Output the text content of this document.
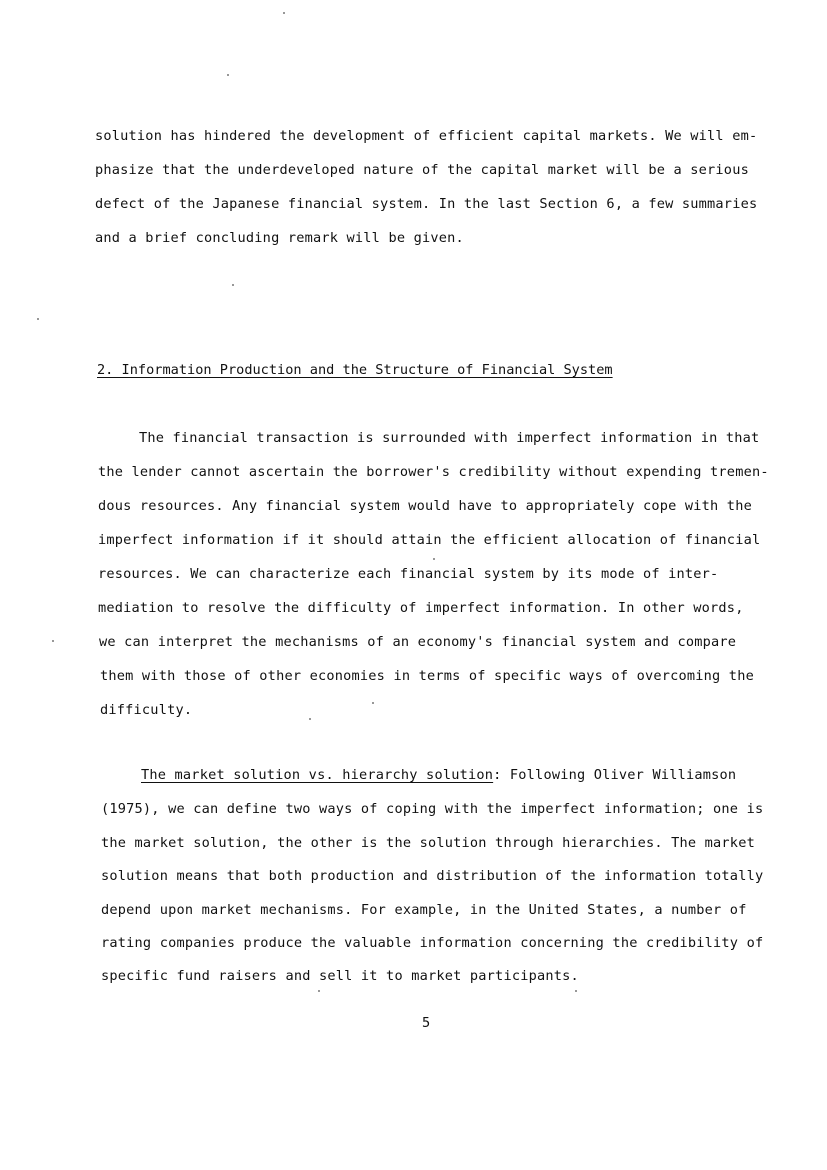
solution has hindered the development of efficient capital markets. We will em-
phasize that the underdeveloped nature of the capital market will be a serious
defect of the Japanese financial system. In the last Section 6, a few summaries
and a brief concluding remark will be given.
2. Information Production and the Structure of Financial System
The financial transaction is surrounded with imperfect information in that
the lender cannot ascertain the borrower's credibility without expending tremen-
dous resources. Any financial system would have to appropriately cope with the
imperfect information if it should attain the efficient allocation of financial
resources. We can characterize each financial system by its mode of inter-
mediation to resolve the difficulty of imperfect information. In other words,
we can interpret the mechanisms of an economy's financial system and compare
them with those of other economies in terms of specific ways of overcoming the
difficulty.
The market solution vs. hierarchy solution: Following Oliver Williamson
(1975), we can define two ways of coping with the imperfect information; one is
the market solution, the other is the solution through hierarchies. The market
solution means that both production and distribution of the information totally
depend upon market mechanisms. For example, in the United States, a number of
rating companies produce the valuable information concerning the credibility of
specific fund raisers and sell it to market participants.
5
